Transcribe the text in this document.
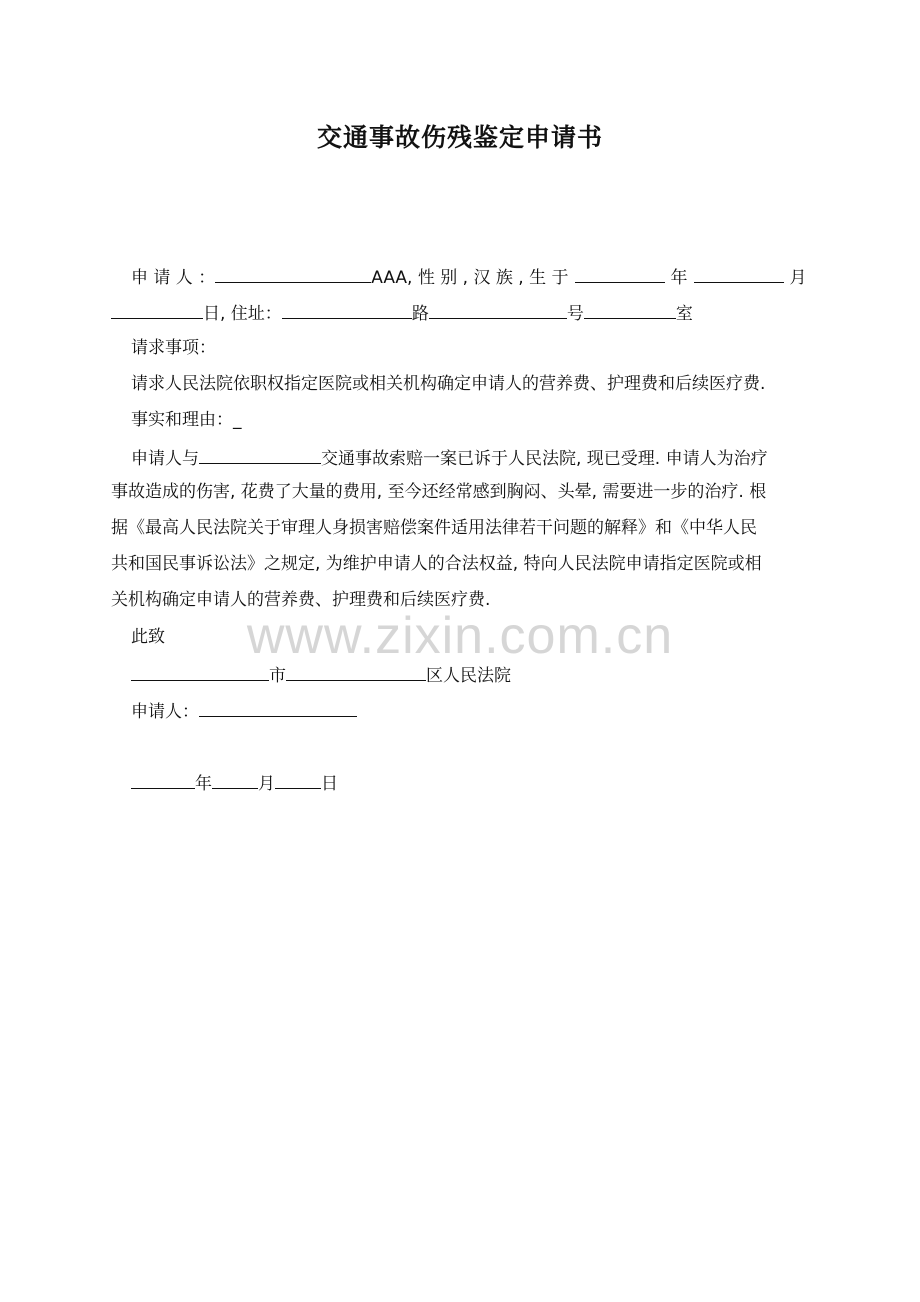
交通事故伤残鉴定申请书
申 请 人 ：	AAA, 性 别 , 汉 族 , 生 于	年	月
日, 住址：	路	号	室
请求事项：
请求人民法院依职权指定医院或相关机构确定申请人的营养费、护理费和后续医疗费.
事实和理由：_
申请人与	交通事故索赔一案已诉于人民法院, 现已受理. 申请人为治疗
事故造成的伤害, 花费了大量的费用, 至今还经常感到胸闷、头晕, 需要进一步的治疗. 根
据《最高人民法院关于审理人身损害赔偿案件适用法律若干问题的解释》和《中华人民
共和国民事诉讼法》之规定, 为维护申请人的合法权益, 特向人民法院申请指定医院或相
关机构确定申请人的营养费、护理费和后续医疗费.
此致
市	区人民法院
申请人：
年	月	日
www.zixin.com.cn
